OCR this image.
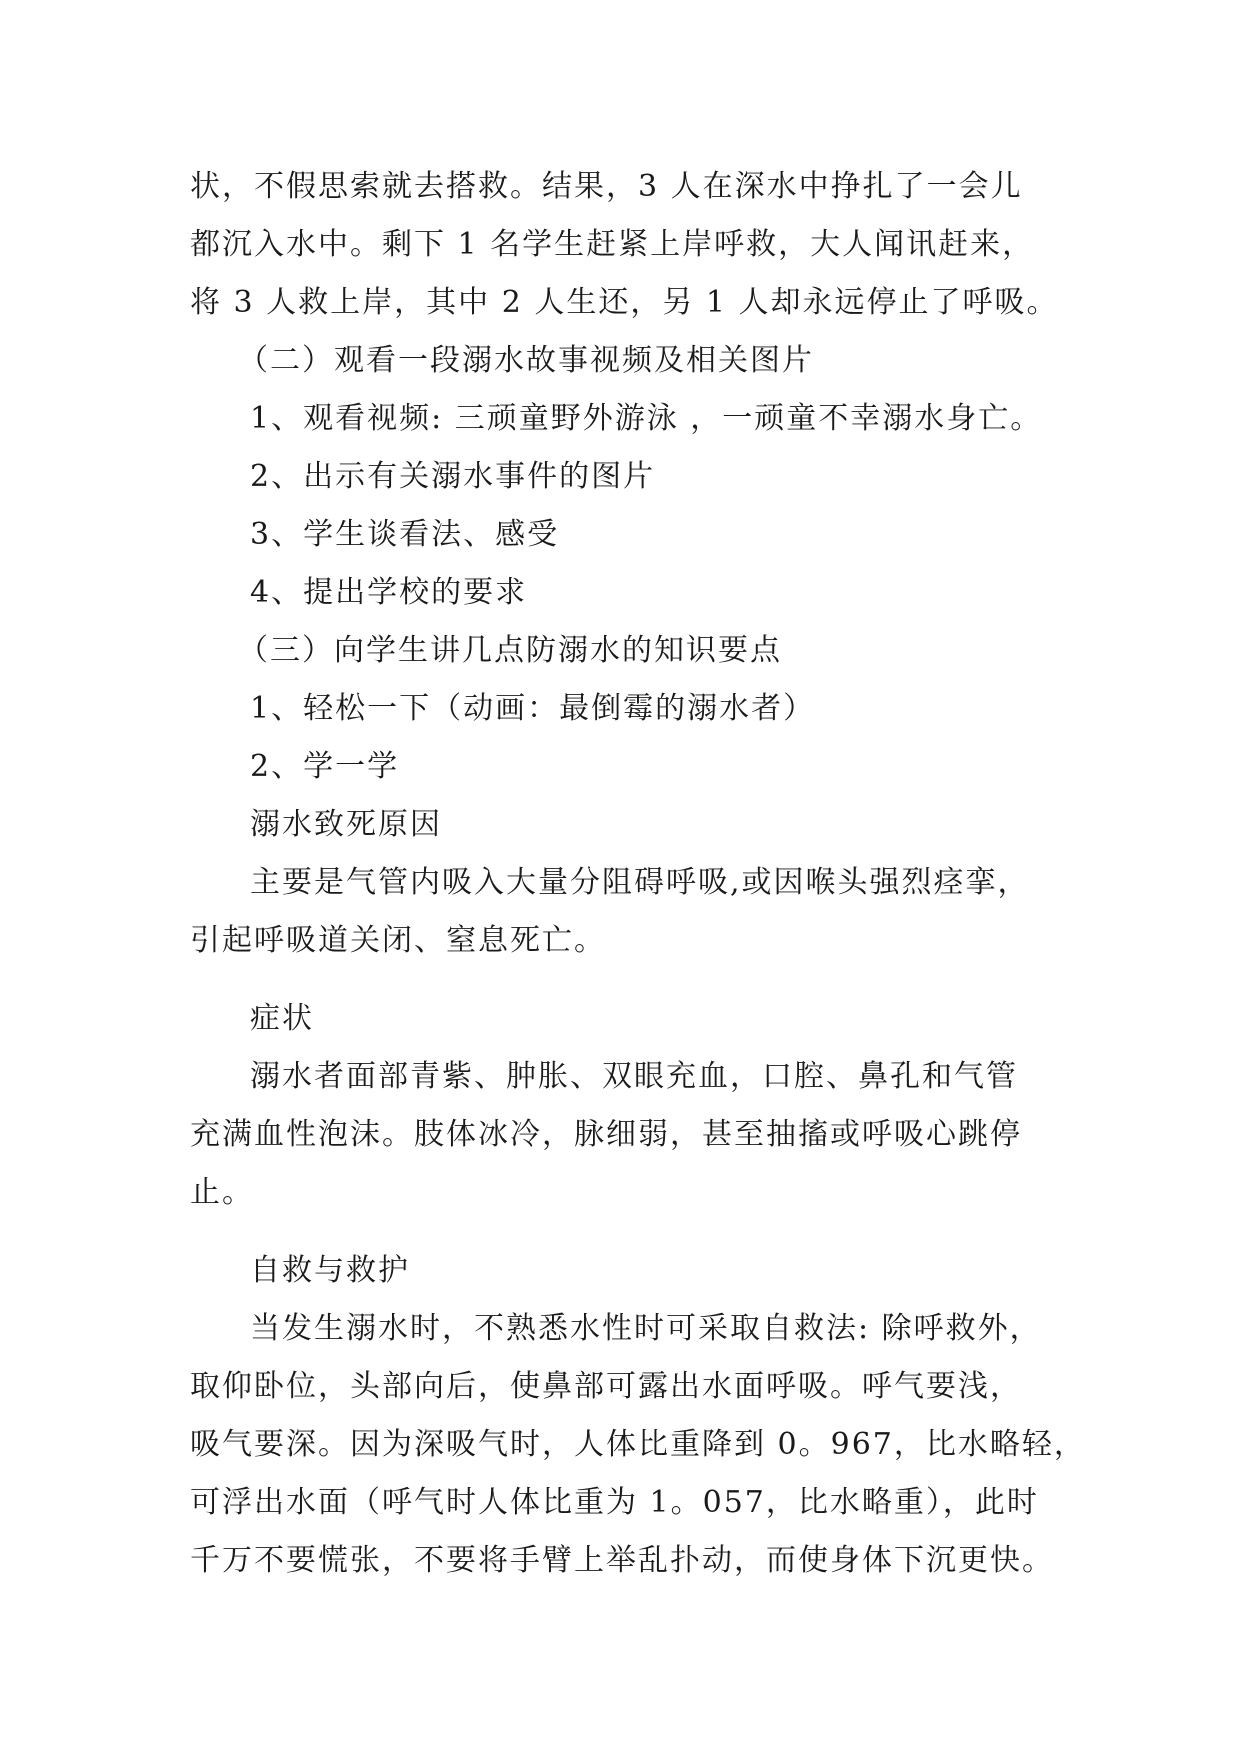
状，不假思索就去搭救。结果，3 人在深水中挣扎了一会儿
都沉入水中。剩下 1 名学生赶紧上岸呼救，大人闻讯赶来，
将 3 人救上岸，其中 2 人生还，另 1 人却永远停止了呼吸。
（二）观看一段溺水故事视频及相关图片
1、观看视频: 三顽童野外游泳 ，一顽童不幸溺水身亡。
2、出示有关溺水事件的图片
3、学生谈看法、感受
4、提出学校的要求
（三）向学生讲几点防溺水的知识要点
1、轻松一下（动画：最倒霉的溺水者）
2、学一学
溺水致死原因
主要是气管内吸入大量分阻碍呼吸,或因喉头强烈痉挛，
引起呼吸道关闭、窒息死亡。
症状
溺水者面部青紫、肿胀、双眼充血，口腔、鼻孔和气管
充满血性泡沫。肢体冰冷，脉细弱，甚至抽搐或呼吸心跳停
止。
自救与救护
当发生溺水时，不熟悉水性时可采取自救法: 除呼救外，
取仰卧位，头部向后，使鼻部可露出水面呼吸。呼气要浅，
吸气要深。因为深吸气时，人体比重降到 0。967，比水略轻，
可浮出水面（呼气时人体比重为 1。057，比水略重），此时
千万不要慌张，不要将手臂上举乱扑动，而使身体下沉更快。
